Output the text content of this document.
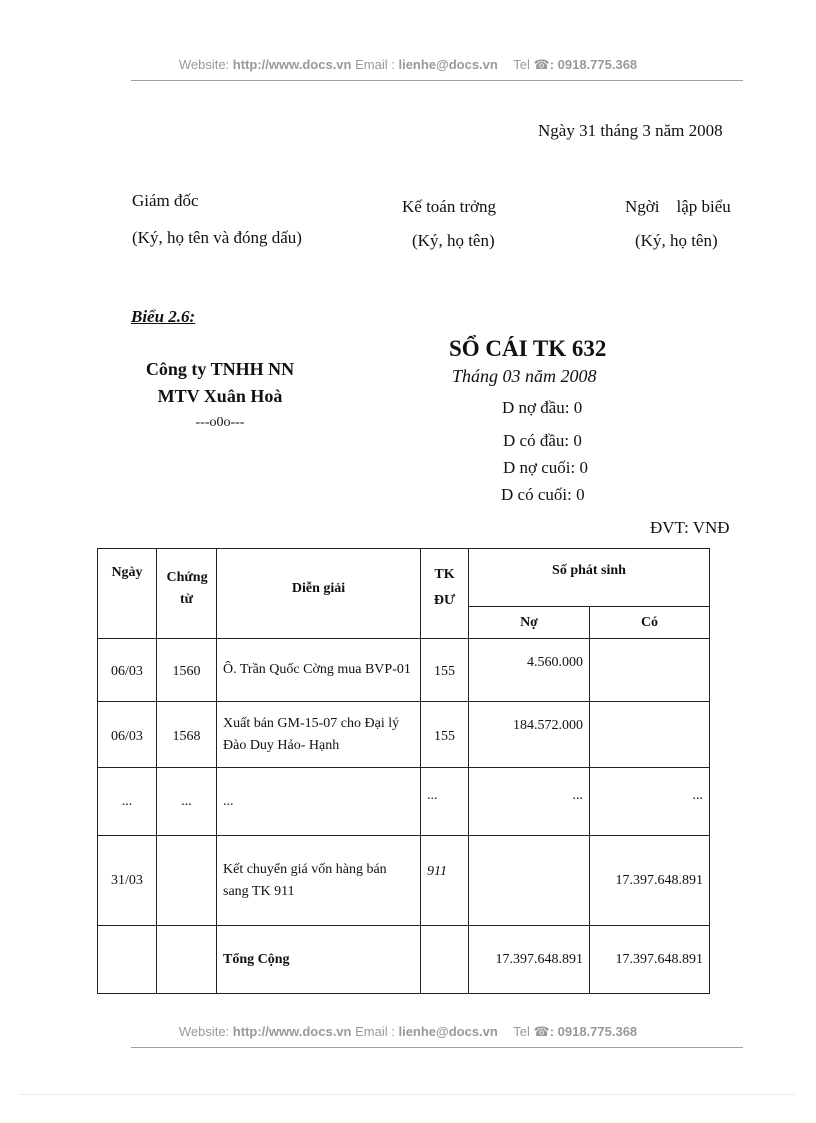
Website: http://www.docs.vn Email : lienhe@docs.vn Tel ☎: 0918.775.368
Ngày 31 tháng 3 năm 2008
Giám đốc
(Ký, họ tên và đóng dấu)
Kế toán trởng
(Ký, họ tên)
Ngời    lập biểu
(Ký, họ tên)
Biểu 2.6:
Công ty TNHH NN
MTV Xuân Hoà
---o0o---
SỔ CÁI TK 632
Tháng 03 năm 2008
D nợ đầu: 0
D có đầu: 0
D nợ cuối: 0
D có cuối: 0
ĐVT: VNĐ
Ngày	Chứng từ	Diễn giải	TK ĐƯ	Số phát sinh	
				Nợ	Có
06/03	1560	Ô. Trần Quốc Cờng mua BVP-01	155	4.560.000	
06/03	1568	Xuất bán GM-15-07 cho Đại lý Đào Duy Hảo- Hạnh	155	184.572.000	
...	...	...	...	...	...
31/03		Kết chuyển giá vốn hàng bán sang TK 911	911		17.397.648.891
		Tổng Cộng		17.397.648.891	17.397.648.891
Website: http://www.docs.vn Email : lienhe@docs.vn Tel ☎: 0918.775.368
